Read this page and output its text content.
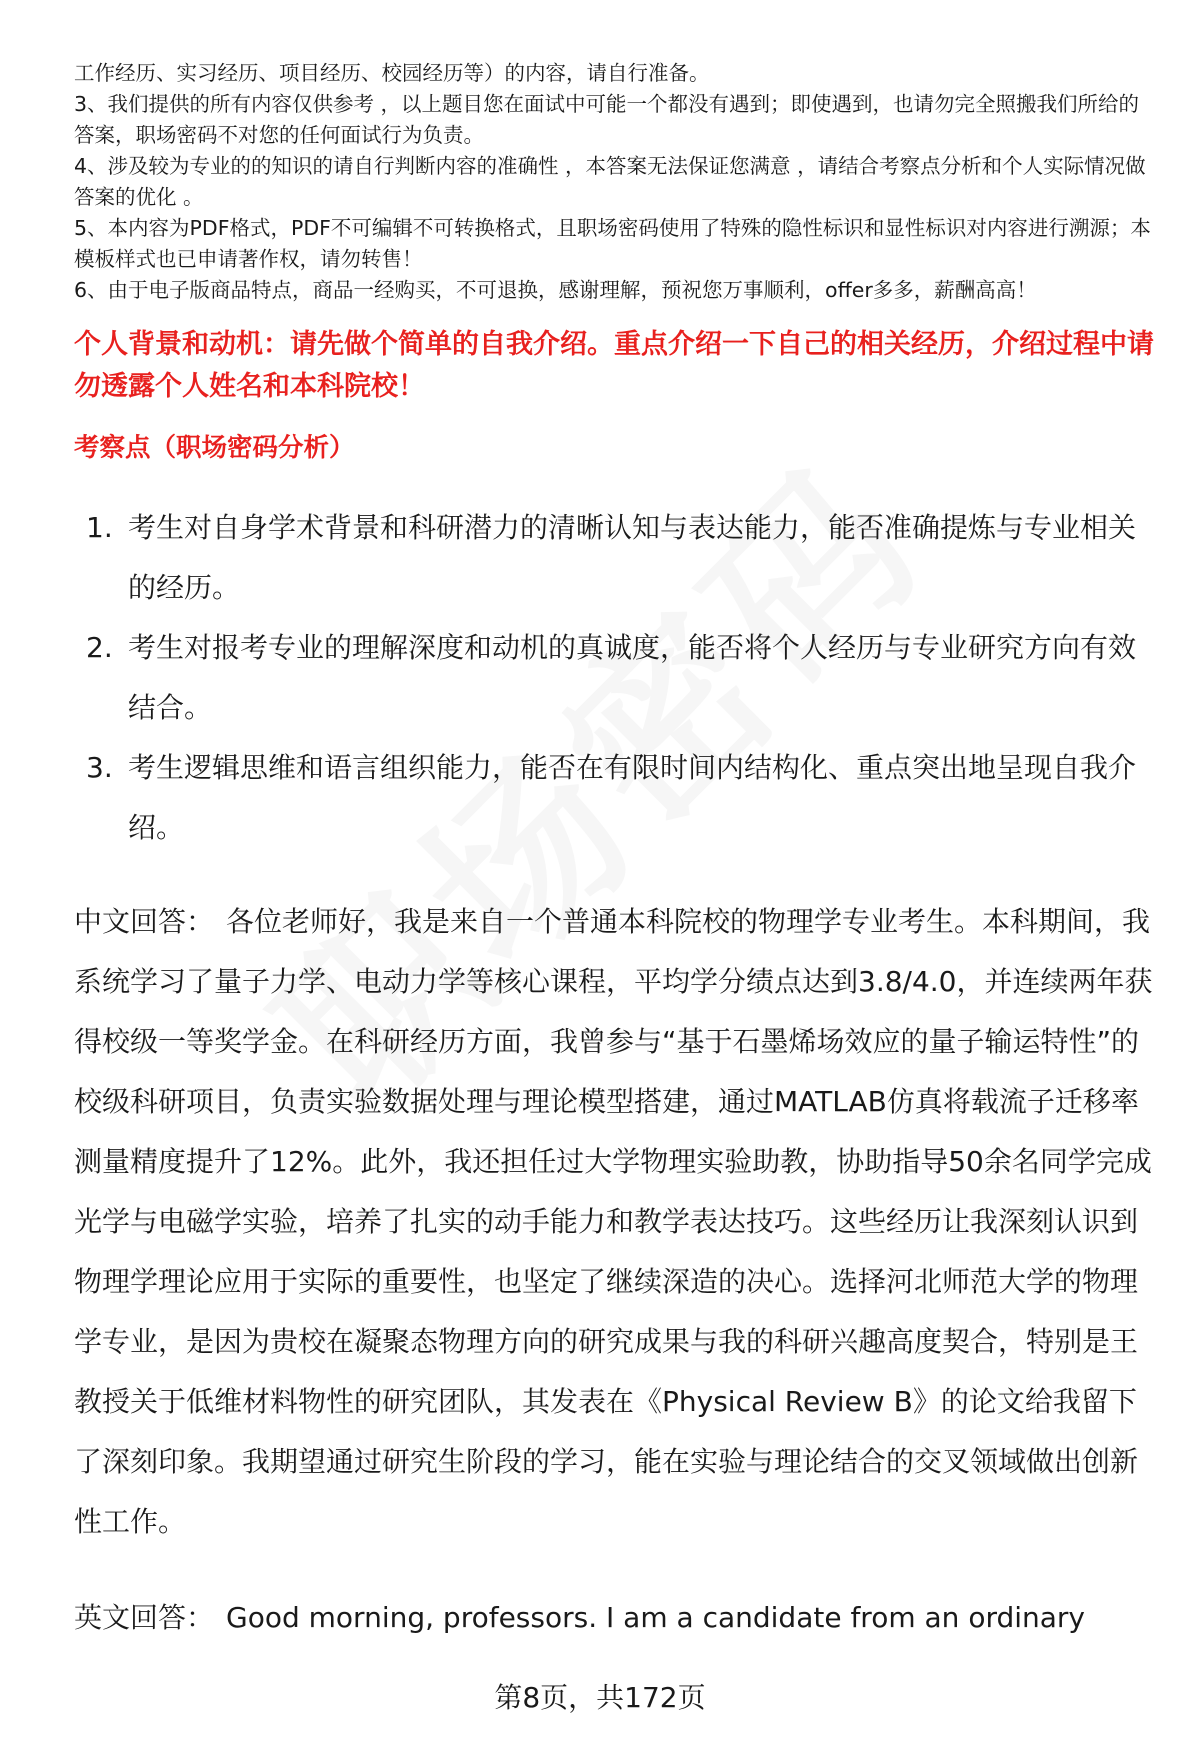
工作经历、实习经历、项目经历、校园经历等）的内容，请自行准备。

3、我们提供的所有内容仅供参考 ，以上题目您在面试中可能一个都没有遇到；即使遇到，也请勿完全照搬我们所给的答案，职场密码不对您的任何面试行为负责。

4、涉及较为专业的的知识的请自行判断内容的准确性 ，本答案无法保证您满意 ，请结合考察点分析和个人实际情况做答案的优化 。

5、本内容为PDF格式，PDF不可编辑不可转换格式，且职场密码使用了特殊的隐性标识和显性标识对内容进行溯源；本模板样式也已申请著作权，请勿转售！

6、由于电子版商品特点，商品一经购买，不可退换，感谢理解，预祝您万事顺利，offer多多，薪酬高高！

个人背景和动机：请先做个简单的自我介绍。重点介绍一下自己的相关经历，介绍过程中请勿透露个人姓名和本科院校！
考察点（职场密码分析）
1. 考生对自身学术背景和科研潜力的清晰认知与表达能力，能否准确提炼与专业相关的经历。
2. 考生对报考专业的理解深度和动机的真诚度，能否将个人经历与专业研究方向有效结合。
3. 考生逻辑思维和语言组织能力，能否在有限时间内结构化、重点突出地呈现自我介绍。
中文回答： 各位老师好，我是来自一个普通本科院校的物理学专业考生。本科期间，我系统学习了量子力学、电动力学等核心课程，平均学分绩点达到3.8/4.0，并连续两年获得校级一等奖学金。在科研经历方面，我曾参与“基于石墨烯场效应的量子输运特性”的校级科研项目，负责实验数据处理与理论模型搭建，通过MATLAB仿真将载流子迁移率测量精度提升了12%。此外，我还担任过大学物理实验助教，协助指导50余名同学完成光学与电磁学实验，培养了扎实的动手能力和教学表达技巧。这些经历让我深刻认识到物理学理论应用于实际的重要性，也坚定了继续深造的决心。选择河北师范大学的物理学专业，是因为贵校在凝聚态物理方向的研究成果与我的科研兴趣高度契合，特别是王教授关于低维材料物性的研究团队，其发表在《Physical Review B》的论文给我留下了深刻印象。我期望通过研究生阶段的学习，能在实验与理论结合的交叉领域做出创新性工作。
英文回答： Good morning, professors. I am a candidate from an ordinary
第8页，共172页
